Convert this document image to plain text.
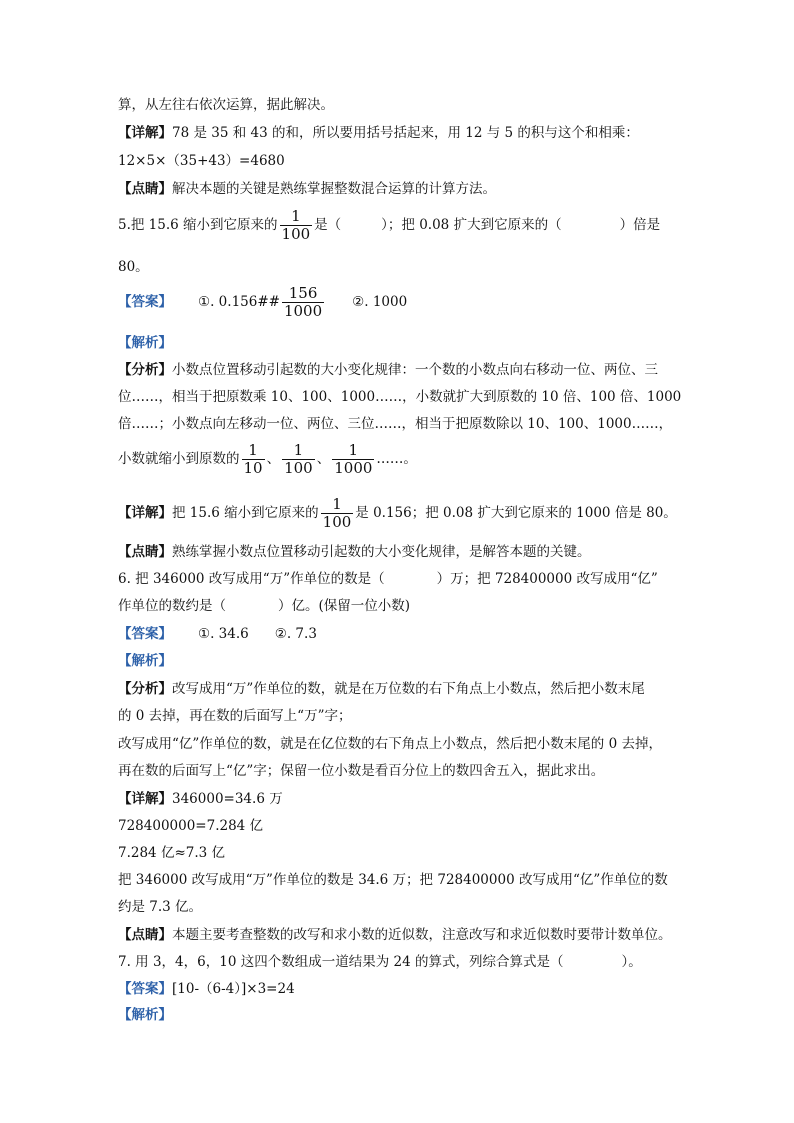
算，从左往右依次运算，据此解决。
【详解】78 是 35 和 43 的和，所以要用括号括起来，用 12 与 5 的积与这个和相乘：
12×5×（35+43）=4680
【点睛】解决本题的关键是熟练掌握整数混合运算的计算方法。
5.把 15.6 缩小到它原来的 $\frac{1}{100}$ 是（	）；把 0.08 扩大到它原来的（	）倍是
80。
【答案】 ①. 0.156## $\frac{156}{1000}$ ②. 1000
【解析】
【分析】小数点位置移动引起数的大小变化规律：一个数的小数点向右移动一位、两位、三
位……，相当于把原数乘 10、100、1000……，小数就扩大到原数的 10 倍、100 倍、1000
倍……；小数点向左移动一位、两位、三位……，相当于把原数除以 10、100、1000……，
小数就缩小到原数的 $\frac{1}{10}$ 、 $\frac{1}{100}$ 、 $\frac{1}{1000}$ ……。
【详解】把 15.6 缩小到它原来的 $\frac{1}{100}$ 是 0.156；把 0.08 扩大到它原来的 1000 倍是 80。
【点睛】熟练掌握小数点位置移动引起数的大小变化规律，是解答本题的关键。
6. 把 346000 改写成用“万”作单位的数是（	）万；把 728400000 改写成用“亿”
作单位的数约是（	）亿。(保留一位小数)
【答案】 ①. 34.6 ②. 7.3
【解析】
【分析】改写成用“万”作单位的数，就是在万位数的右下角点上小数点，然后把小数末尾
的 0 去掉，再在数的后面写上“万”字；
改写成用“亿”作单位的数，就是在亿位数的右下角点上小数点，然后把小数末尾的 0 去掉，
再在数的后面写上“亿”字；保留一位小数是看百分位上的数四舍五入，据此求出。
【详解】346000=34.6 万
728400000=7.284 亿
7.284 亿≈7.3 亿
把 346000 改写成用“万”作单位的数是 34.6 万；把 728400000 改写成用“亿”作单位的数
约是 7.3 亿。
【点睛】本题主要考查整数的改写和求小数的近似数，注意改写和求近似数时要带计数单位。
7. 用 3，4，6，10 这四个数组成一道结果为 24 的算式，列综合算式是（	）。
【答案】[10-（6-4）]×3=24
【解析】
